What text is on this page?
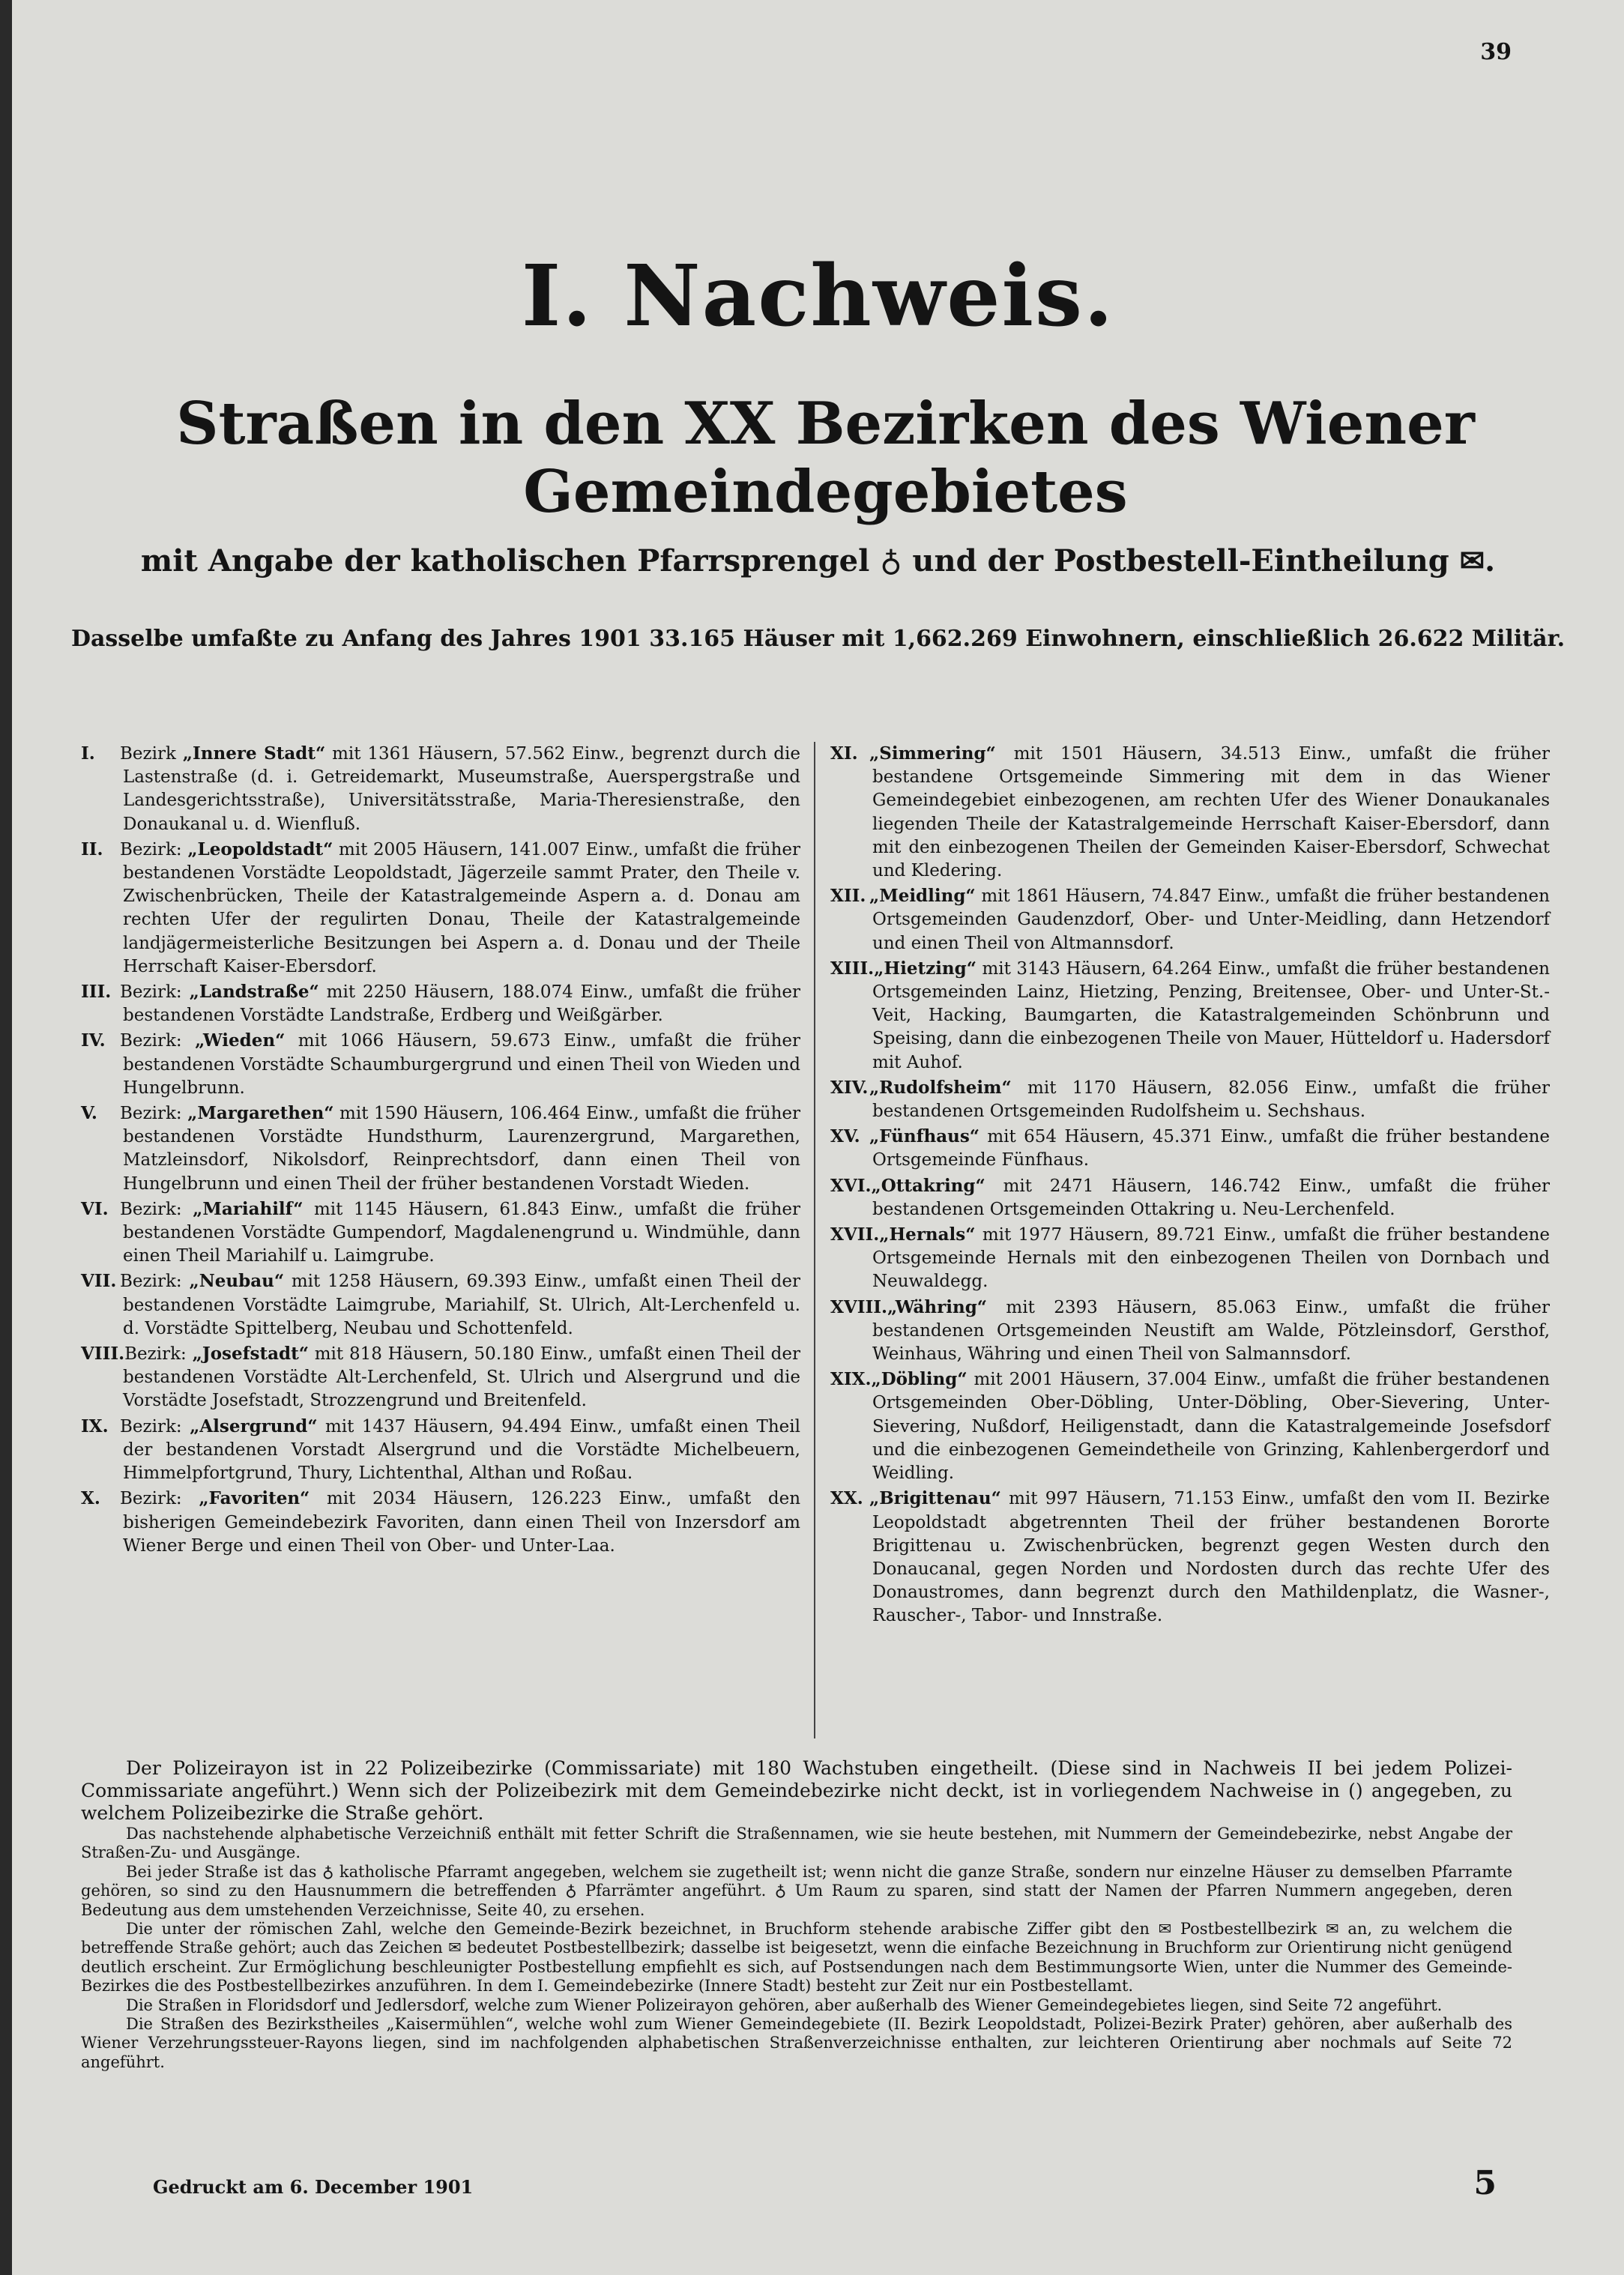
39
I. Nachweis.
Straßen in den XX Bezirken des Wiener Gemeindegebietes
mit Angabe der katholischen Pfarrsprengel ♁ und der Postbestell-Eintheilung ✉.
Dasselbe umfaßte zu Anfang des Jahres 1901 33.165 Häuser mit 1,662.269 Einwohnern, einschließlich 26.622 Militär.

I. Bezirk „Innere Stadt“ mit 1361 Häusern, 57.562 Einw., begrenzt durch die Lastenstraße (d. i. Getreidemarkt, Museumstraße, Auerspergstraße und Landesgerichtsstraße), Universitätsstraße, Maria-Theresienstraße, den Donaukanal u. d. Wienfluß.

II. Bezirk: „Leopoldstadt“ mit 2005 Häusern, 141.007 Einw., umfaßt die früher bestandenen Vorstädte Leopoldstadt, Jägerzeile sammt Prater, den Theile v. Zwischenbrücken, Theile der Katastralgemeinde Aspern a. d. Donau am rechten Ufer der regulirten Donau, Theile der Katastralgemeinde landjägermeisterliche Besitzungen bei Aspern a. d. Donau und der Theile Herrschaft Kaiser-Ebersdorf.

III. Bezirk: „Landstraße“ mit 2250 Häusern, 188.074 Einw., umfaßt die früher bestandenen Vorstädte Landstraße, Erdberg und Weißgärber.

IV. Bezirk: „Wieden“ mit 1066 Häusern, 59.673 Einw., umfaßt die früher bestandenen Vorstädte Schaumburgergrund und einen Theil von Wieden und Hungelbrunn.

V. Bezirk: „Margarethen“ mit 1590 Häusern, 106.464 Einw., umfaßt die früher bestandenen Vorstädte Hundsthurm, Laurenzergrund, Margarethen, Matzleinsdorf, Nikolsdorf, Reinprechtsdorf, dann einen Theil von Hungelbrunn und einen Theil der früher bestandenen Vorstadt Wieden.

VI. Bezirk: „Mariahilf“ mit 1145 Häusern, 61.843 Einw., umfaßt die früher bestandenen Vorstädte Gumpendorf, Magdalenengrund u. Windmühle, dann einen Theil Mariahilf u. Laimgrube.

VII. Bezirk: „Neubau“ mit 1258 Häusern, 69.393 Einw., umfaßt einen Theil der bestandenen Vorstädte Laimgrube, Mariahilf, St. Ulrich, Alt-Lerchenfeld u. d. Vorstädte Spittelberg, Neubau und Schottenfeld.

VIII.Bezirk: „Josefstadt“ mit 818 Häusern, 50.180 Einw., umfaßt einen Theil der bestandenen Vorstädte Alt-Lerchenfeld, St. Ulrich und Alsergrund und die Vorstädte Josefstadt, Strozzengrund und Breitenfeld.

IX. Bezirk: „Alsergrund“ mit 1437 Häusern, 94.494 Einw., umfaßt einen Theil der bestandenen Vorstadt Alsergrund und die Vorstädte Michelbeuern, Himmelpfortgrund, Thury, Lichtenthal, Althan und Roßau.

X. Bezirk: „Favoriten“ mit 2034 Häusern, 126.223 Einw., umfaßt den bisherigen Gemeindebezirk Favoriten, dann einen Theil von Inzersdorf am Wiener Berge und einen Theil von Ober- und Unter-Laa.

XI. „Simmering“ mit 1501 Häusern, 34.513 Einw., umfaßt die früher bestandene Ortsgemeinde Simmering mit dem in das Wiener Gemeindegebiet einbezogenen, am rechten Ufer des Wiener Donaukanales liegenden Theile der Katastralgemeinde Herrschaft Kaiser-Ebersdorf, dann mit den einbezogenen Theilen der Gemeinden Kaiser-Ebersdorf, Schwechat und Kledering.

XII. „Meidling“ mit 1861 Häusern, 74.847 Einw., umfaßt die früher bestandenen Ortsgemeinden Gaudenzdorf, Ober- und Unter-Meidling, dann Hetzendorf und einen Theil von Altmannsdorf.

XIII.„Hietzing“ mit 3143 Häusern, 64.264 Einw., umfaßt die früher bestandenen Ortsgemeinden Lainz, Hietzing, Penzing, Breitensee, Ober- und Unter-St.-Veit, Hacking, Baumgarten, die Katastralgemeinden Schönbrunn und Speising, dann die einbezogenen Theile von Mauer, Hütteldorf u. Hadersdorf mit Auhof.

XIV.„Rudolfsheim“ mit 1170 Häusern, 82.056 Einw., umfaßt die früher bestandenen Ortsgemeinden Rudolfsheim u. Sechshaus.

XV. „Fünfhaus“ mit 654 Häusern, 45.371 Einw., umfaßt die früher bestandene Ortsgemeinde Fünfhaus.

XVI.„Ottakring“ mit 2471 Häusern, 146.742 Einw., umfaßt die früher bestandenen Ortsgemeinden Ottakring u. Neu-Lerchenfeld.

XVII.„Hernals“ mit 1977 Häusern, 89.721 Einw., umfaßt die früher bestandene Ortsgemeinde Hernals mit den einbezogenen Theilen von Dornbach und Neuwaldegg.

XVIII.„Währing“ mit 2393 Häusern, 85.063 Einw., umfaßt die früher bestandenen Ortsgemeinden Neustift am Walde, Pötzleinsdorf, Gersthof, Weinhaus, Währing und einen Theil von Salmannsdorf.

XIX.„Döbling“ mit 2001 Häusern, 37.004 Einw., umfaßt die früher bestandenen Ortsgemeinden Ober-Döbling, Unter-Döbling, Ober-Sievering, Unter-Sievering, Nußdorf, Heiligenstadt, dann die Katastralgemeinde Josefsdorf und die einbezogenen Gemeindetheile von Grinzing, Kahlenbergerdorf und Weidling.

XX. „Brigittenau“ mit 997 Häusern, 71.153 Einw., umfaßt den vom II. Bezirke Leopoldstadt abgetrennten Theil der früher bestandenen Bororte Brigittenau u. Zwischenbrücken, begrenzt gegen Westen durch den Donaucanal, gegen Norden und Nordosten durch das rechte Ufer des Donaustromes, dann begrenzt durch den Mathildenplatz, die Wasner-, Rauscher-, Tabor- und Innstraße.

Der Polizeirayon ist in 22 Polizeibezirke (Commissariate) mit 180 Wachstuben eingetheilt. (Diese sind in Nachweis II bei jedem Polizei-Commissariate angeführt.) Wenn sich der Polizeibezirk mit dem Gemeindebezirke nicht deckt, ist in vorliegendem Nachweise in () angegeben, zu welchem Polizeibezirke die Straße gehört.

Das nachstehende alphabetische Verzeichniß enthält mit fetter Schrift die Straßennamen, wie sie heute bestehen, mit Nummern der Gemeindebezirke, nebst Angabe der Straßen-Zu- und Ausgänge.

Bei jeder Straße ist das ♁ katholische Pfarramt angegeben, welchem sie zugetheilt ist; wenn nicht die ganze Straße, sondern nur einzelne Häuser zu demselben Pfarramte gehören, so sind zu den Hausnummern die betreffenden ♁ Pfarrämter angeführt. ♁ Um Raum zu sparen, sind statt der Namen der Pfarren Nummern angegeben, deren Bedeutung aus dem umstehenden Verzeichnisse, Seite 40, zu ersehen.

Die unter der römischen Zahl, welche den Gemeinde-Bezirk bezeichnet, in Bruchform stehende arabische Ziffer gibt den ✉ Postbestellbezirk ✉ an, zu welchem die betreffende Straße gehört; auch das Zeichen ✉ bedeutet Postbestellbezirk; dasselbe ist beigesetzt, wenn die einfache Bezeichnung in Bruchform zur Orientirung nicht genügend deutlich erscheint. Zur Ermöglichung beschleunigter Postbestellung empfiehlt es sich, auf Postsendungen nach dem Bestimmungsorte Wien, unter die Nummer des Gemeinde-Bezirkes die des Postbestellbezirkes anzuführen. In dem I. Gemeindebezirke (Innere Stadt) besteht zur Zeit nur ein Postbestellamt.

Die Straßen in Floridsdorf und Jedlersdorf, welche zum Wiener Polizeirayon gehören, aber außerhalb des Wiener Gemeindegebietes liegen, sind Seite 72 angeführt.

Die Straßen des Bezirkstheiles „Kaisermühlen“, welche wohl zum Wiener Gemeindegebiete (II. Bezirk Leopoldstadt, Polizei-Bezirk Prater) gehören, aber außerhalb des Wiener Verzehrungssteuer-Rayons liegen, sind im nachfolgenden alphabetischen Straßenverzeichnisse enthalten, zur leichteren Orientirung aber nochmals auf Seite 72 angeführt.

Gedruckt am 6. December 1901	5
